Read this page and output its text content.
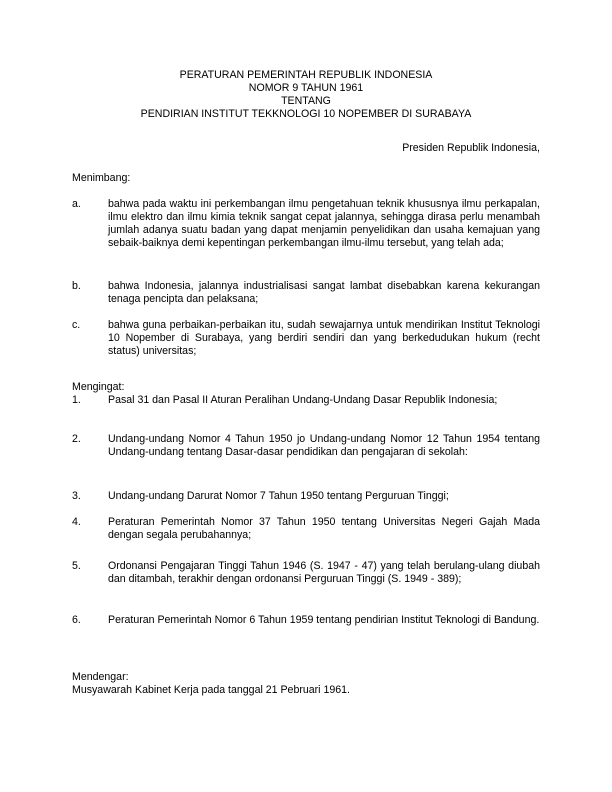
PERATURAN PEMERINTAH REPUBLIK INDONESIA
NOMOR 9 TAHUN 1961
TENTANG
PENDIRIAN INSTITUT TEKKNOLOGI 10 NOPEMBER DI SURABAYA
Presiden Republik Indonesia,
Menimbang:
a.	bahwa pada waktu ini perkembangan ilmu pengetahuan teknik khususnya ilmu perkapalan, ilmu elektro dan ilmu kimia teknik sangat cepat jalannya, sehingga dirasa perlu menambah jumlah adanya suatu badan yang dapat menjamin penyelidikan dan usaha kemajuan yang sebaik-baiknya demi kepentingan perkembangan ilmu-ilmu tersebut, yang telah ada;
b.	bahwa Indonesia, jalannya industrialisasi sangat lambat disebabkan karena kekurangan tenaga pencipta dan pelaksana;
c.	bahwa guna perbaikan-perbaikan itu, sudah sewajarnya untuk mendirikan Institut Teknologi 10 Nopember di Surabaya, yang berdiri sendiri dan yang berkedudukan hukum (recht status) universitas;
Mengingat:
1.	Pasal 31 dan Pasal II Aturan Peralihan Undang-Undang Dasar Republik Indonesia;
2.	Undang-undang Nomor 4 Tahun 1950 jo Undang-undang Nomor 12 Tahun 1954 tentang Undang-undang tentang Dasar-dasar pendidikan dan pengajaran di sekolah:
3.	Undang-undang Darurat Nomor 7 Tahun 1950 tentang Perguruan Tinggi;
4.	Peraturan Pemerintah Nomor 37 Tahun 1950 tentang Universitas Negeri Gajah Mada dengan segala perubahannya;
5.	Ordonansi Pengajaran Tinggi Tahun 1946 (S. 1947 - 47) yang telah berulang-ulang diubah dan ditambah, terakhir dengan ordonansi Perguruan Tinggi (S. 1949 - 389);
6.	Peraturan Pemerintah Nomor 6 Tahun 1959 tentang pendirian Institut Teknologi di Bandung.
Mendengar:
Musyawarah Kabinet Kerja pada tanggal 21 Pebruari 1961.
